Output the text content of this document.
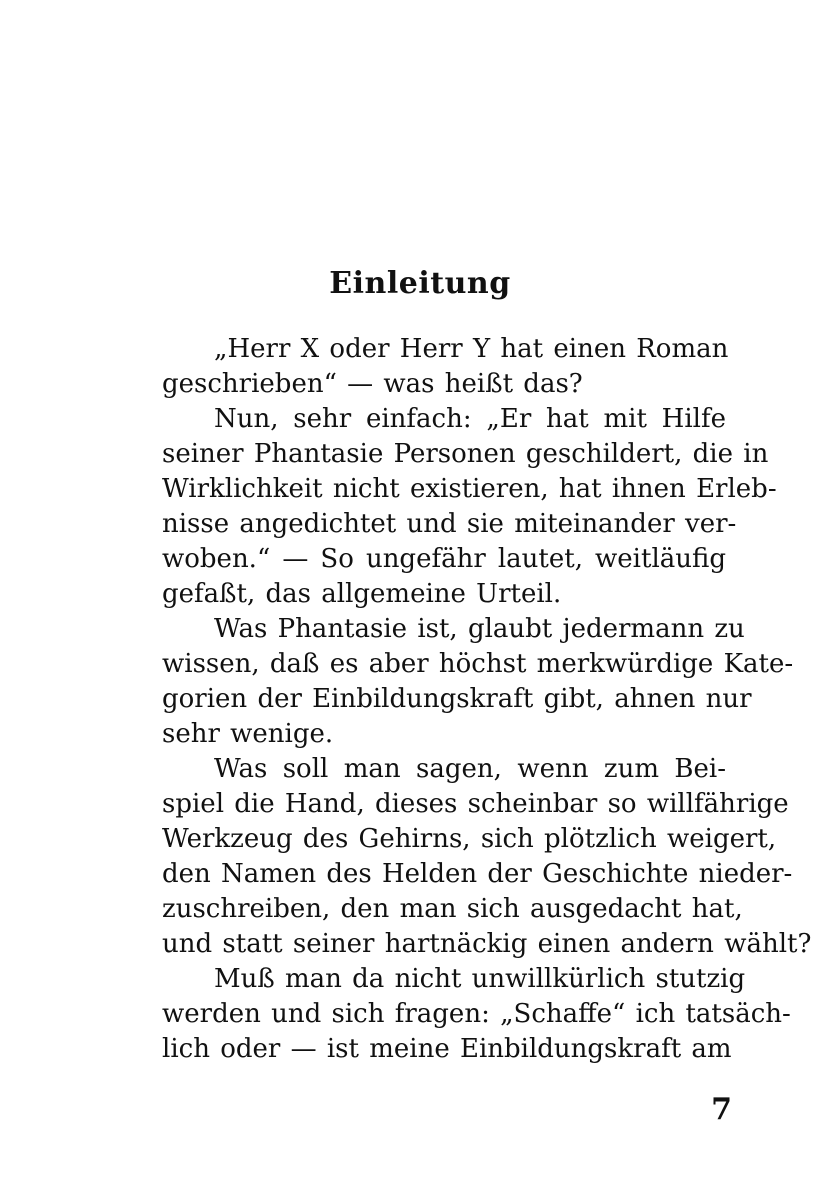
Einleitung
„Herr X oder Herr Y hat einen Roman
geschrieben“ — was heißt das?
Nun, sehr einfach: „Er hat mit Hilfe
seiner Phantasie Personen geschildert, die in
Wirklichkeit nicht existieren, hat ihnen Erleb-
nisse angedichtet und sie miteinander ver-
woben.“ — So ungefähr lautet, weitläufig
gefaßt, das allgemeine Urteil.
Was Phantasie ist, glaubt jedermann zu
wissen, daß es aber höchst merkwürdige Kate-
gorien der Einbildungskraft gibt, ahnen nur
sehr wenige.
Was soll man sagen, wenn zum Bei-
spiel die Hand, dieses scheinbar so willfährige
Werkzeug des Gehirns, sich plötzlich weigert,
den Namen des Helden der Geschichte nieder-
zuschreiben, den man sich ausgedacht hat,
und statt seiner hartnäckig einen andern wählt?
Muß man da nicht unwillkürlich stutzig
werden und sich fragen: „Schaffe“ ich tatsäch-
lich oder — ist meine Einbildungskraft am
7
